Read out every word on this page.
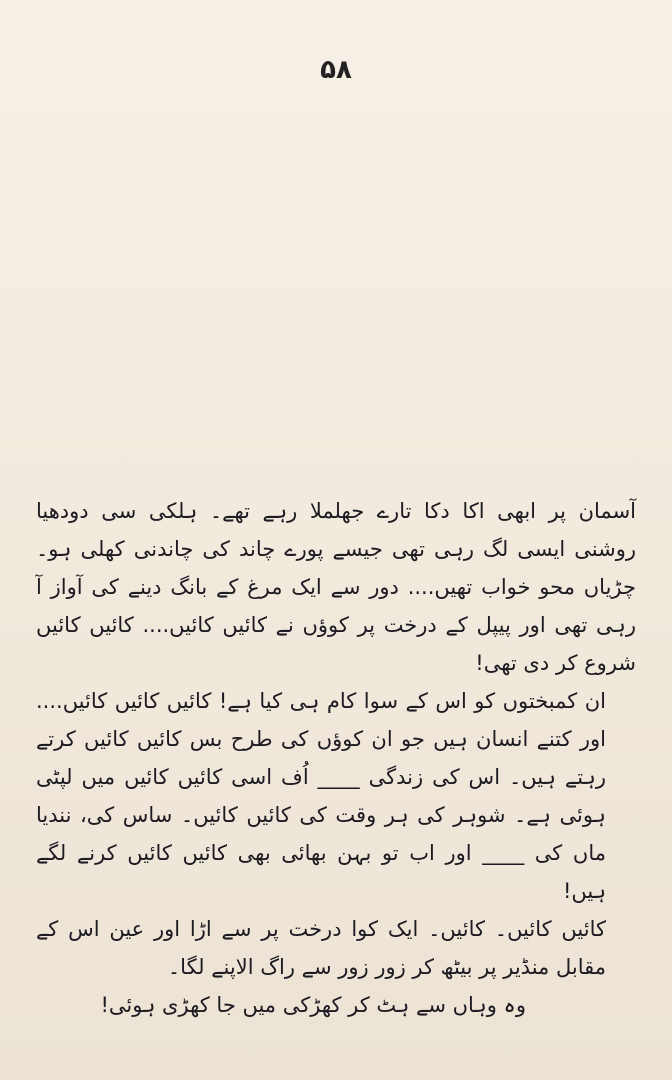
۵۸

آسمان پر ابھی اکا دکا تارے جھلملا رہے تھے۔ ہلکی سی دودھیا روشنی ایسی لگ رہی تھی جیسے پورے چاند کی چاندنی کھلی ہو۔ چڑیاں محو خواب تھیں.... دور سے ایک مرغ کے بانگ دینے کی آواز آ رہی تھی اور پیپل کے درخت پر کوؤں نے کائیں کائیں.... کائیں کائیں شروع کر دی تھی!

ان کمبختوں کو اس کے سوا کام ہی کیا ہے! کائیں کائیں کائیں.... اور کتنے انسان ہیں جو ان کوؤں کی طرح بس کائیں کائیں کرتے رہتے ہیں۔ اس کی زندگی ____ اُف اسی کائیں کائیں میں لپٹی ہوئی ہے۔ شوہر کی ہر وقت کی کائیں کائیں۔ ساس کی، نندیا ماں کی ____ اور اب تو بہن بھائی بھی کائیں کائیں کرنے لگے ہیں!

کائیں کائیں۔ کائیں۔ ایک کوا درخت پر سے اڑا اور عین اس کے مقابل منڈیر پر بیٹھ کر زور زور سے راگ الاپنے لگا۔

وہ وہاں سے ہٹ کر کھڑکی میں جا کھڑی ہوئی!
